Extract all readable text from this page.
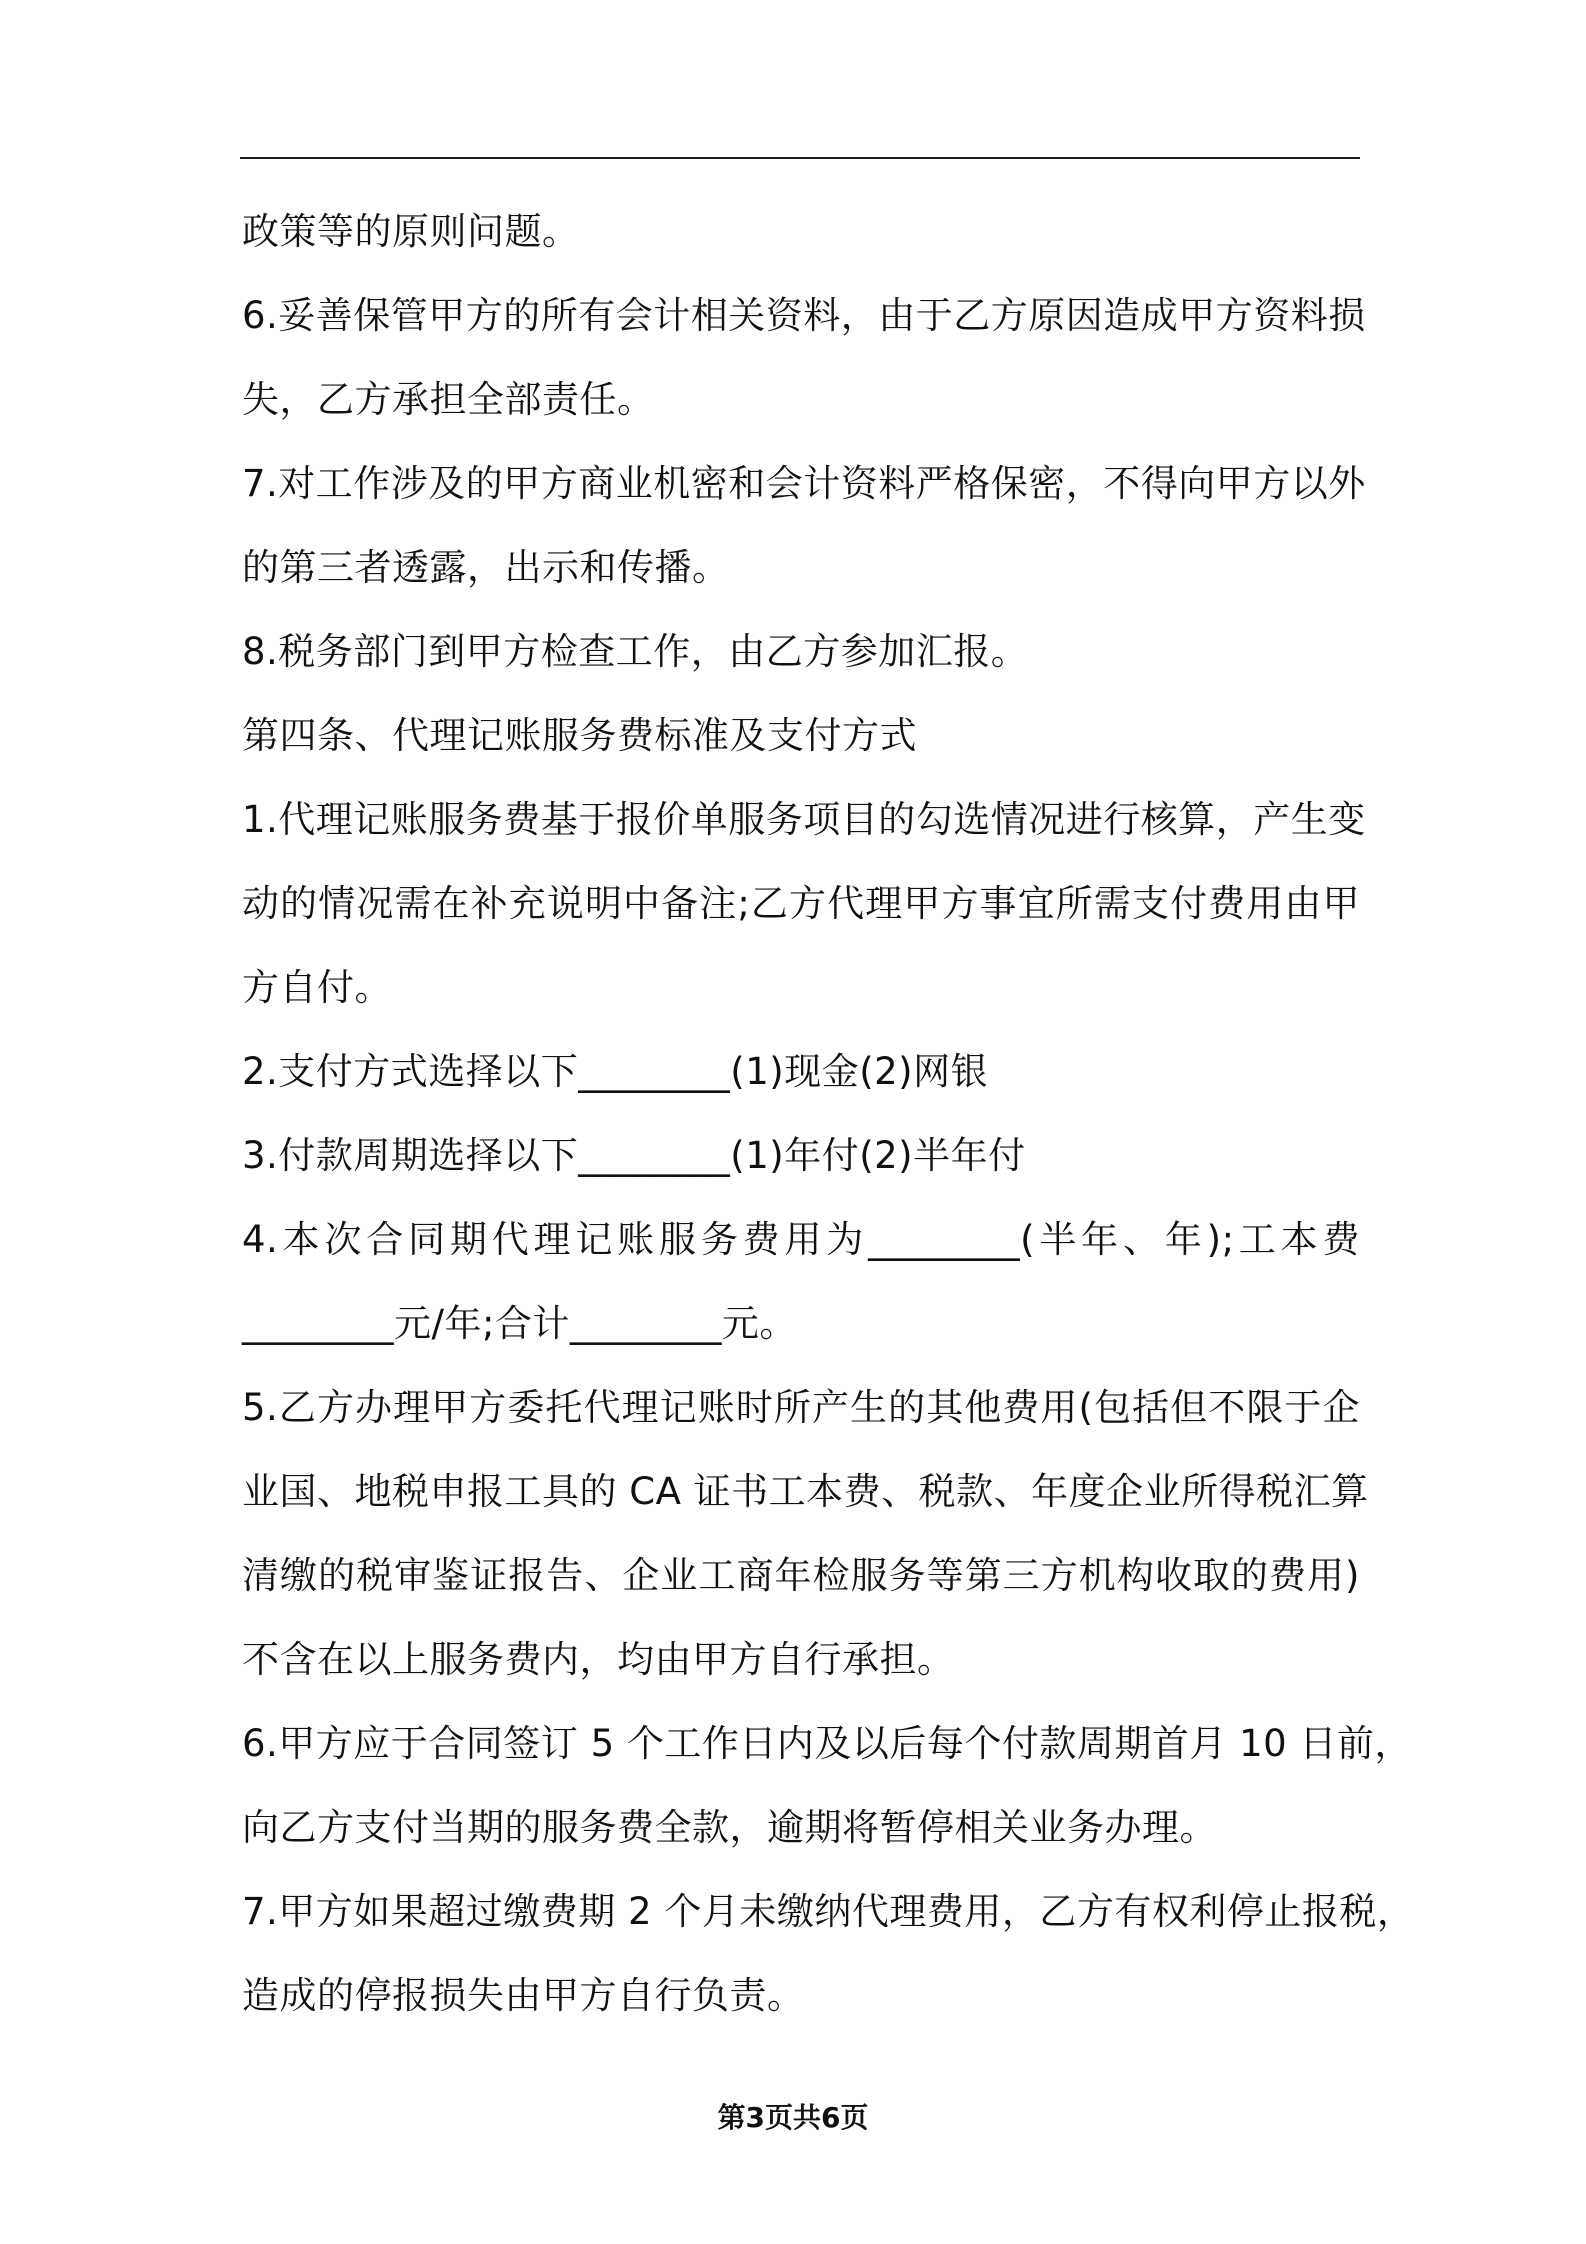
政策等的原则问题。
6.妥善保管甲方的所有会计相关资料，由于乙方原因造成甲方资料损
失，乙方承担全部责任。
7.对工作涉及的甲方商业机密和会计资料严格保密，不得向甲方以外
的第三者透露，出示和传播。
8.税务部门到甲方检查工作，由乙方参加汇报。
第四条、代理记账服务费标准及支付方式
1.代理记账服务费基于报价单服务项目的勾选情况进行核算，产生变
动的情况需在补充说明中备注;乙方代理甲方事宜所需支付费用由甲
方自付。
2.支付方式选择以下________(1)现金(2)网银
3.付款周期选择以下________(1)年付(2)半年付
4.本次合同期代理记账服务费用为________(半年、年);工本费
________元/年;合计________元。
5.乙方办理甲方委托代理记账时所产生的其他费用(包括但不限于企
业国、地税申报工具的 CA 证书工本费、税款、年度企业所得税汇算
清缴的税审鉴证报告、企业工商年检服务等第三方机构收取的费用)
不含在以上服务费内，均由甲方自行承担。
6.甲方应于合同签订 5 个工作日内及以后每个付款周期首月 10 日前，
向乙方支付当期的服务费全款，逾期将暂停相关业务办理。
7.甲方如果超过缴费期 2 个月未缴纳代理费用，乙方有权利停止报税，
造成的停报损失由甲方自行负责。
第3页共6页
